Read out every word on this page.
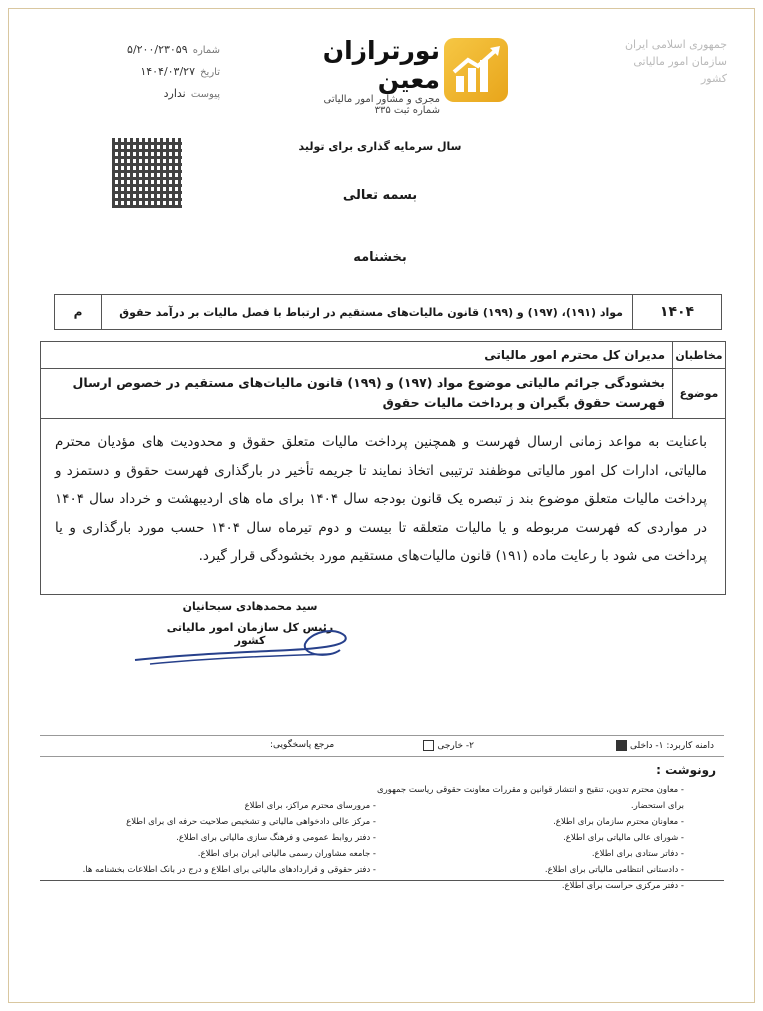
جمهوری اسلامی ایران
سازمان امور مالیاتی
کشور
نورترازان معین
مجری و مشاور امور مالیاتی
شماره ثبت ۳۳۵
شماره ۵/۲۰۰/۲۳۰۵۹
تاریخ ۱۴۰۴/۰۳/۲۷
پیوست ندارد
سال سرمایه گذاری برای تولید
بسمه تعالی
بخشنامه
۱۴۰۴
مواد (۱۹۱)، (۱۹۷) و (۱۹۹) قانون مالیات‌های مستقیم در ارتباط با فصل مالیات بر درآمد حقوق
م
مخاطبان
مدیران کل محترم امور مالیاتی
موضوع
بخشودگی جرائم مالیاتی موضوع مواد (۱۹۷) و (۱۹۹) قانون مالیات‌های مستقیم در خصوص ارسال فهرست حقوق بگیران و پرداخت مالیات حقوق
باعنایت به مواعد زمانی ارسال فهرست و همچنین پرداخت مالیات متعلق حقوق و محدودیت های مؤدیان محترم مالیاتی، ادارات کل امور مالیاتی موظفند ترتیبی اتخاذ نمایند تا جریمه تأخیر در بارگذاری فهرست حقوق و دستمزد و پرداخت مالیات متعلق موضوع بند ز تبصره یک قانون بودجه سال ۱۴۰۴ برای ماه های اردیبهشت و خرداد سال ۱۴۰۴ در مواردی که فهرست مربوطه و یا مالیات متعلقه تا بیست و دوم تیرماه سال ۱۴۰۴ حسب مورد بارگذاری و یا پرداخت می شود با رعایت ماده (۱۹۱) قانون مالیات‌های مستقیم مورد بخشودگی قرار گیرد.
سید محمدهادی سبحانیان
رئیس کل سازمان امور مالیاتی کشور
دامنه کاربرد: ۱- داخلی
۲- خارجی
مرجع پاسخگویی:
رونوشت :
- معاون محترم تدوین، تنقیح و انتشار قوانین و مقررات معاونت حقوقی ریاست جمهوری برای استحضار.
- معاونان محترم سازمان برای اطلاع.
- شورای عالی مالیاتی برای اطلاع.
- دفاتر ستادی برای اطلاع.
- دادستانی انتظامی مالیاتی برای اطلاع.
- دفتر مرکزی حراست برای اطلاع.
- مرورسای محترم مراکز، برای اطلاع
- مرکز عالی دادخواهی مالیاتی و تشخیص صلاحیت حرفه ای برای اطلاع
- دفتر روابط عمومی و فرهنگ سازی مالیاتی برای اطلاع.
- جامعه مشاوران رسمی مالیاتی ایران برای اطلاع.
- دفتر حقوقی و قراردادهای مالیاتی برای اطلاع و درج در بانک اطلاعات بخشنامه ها.
